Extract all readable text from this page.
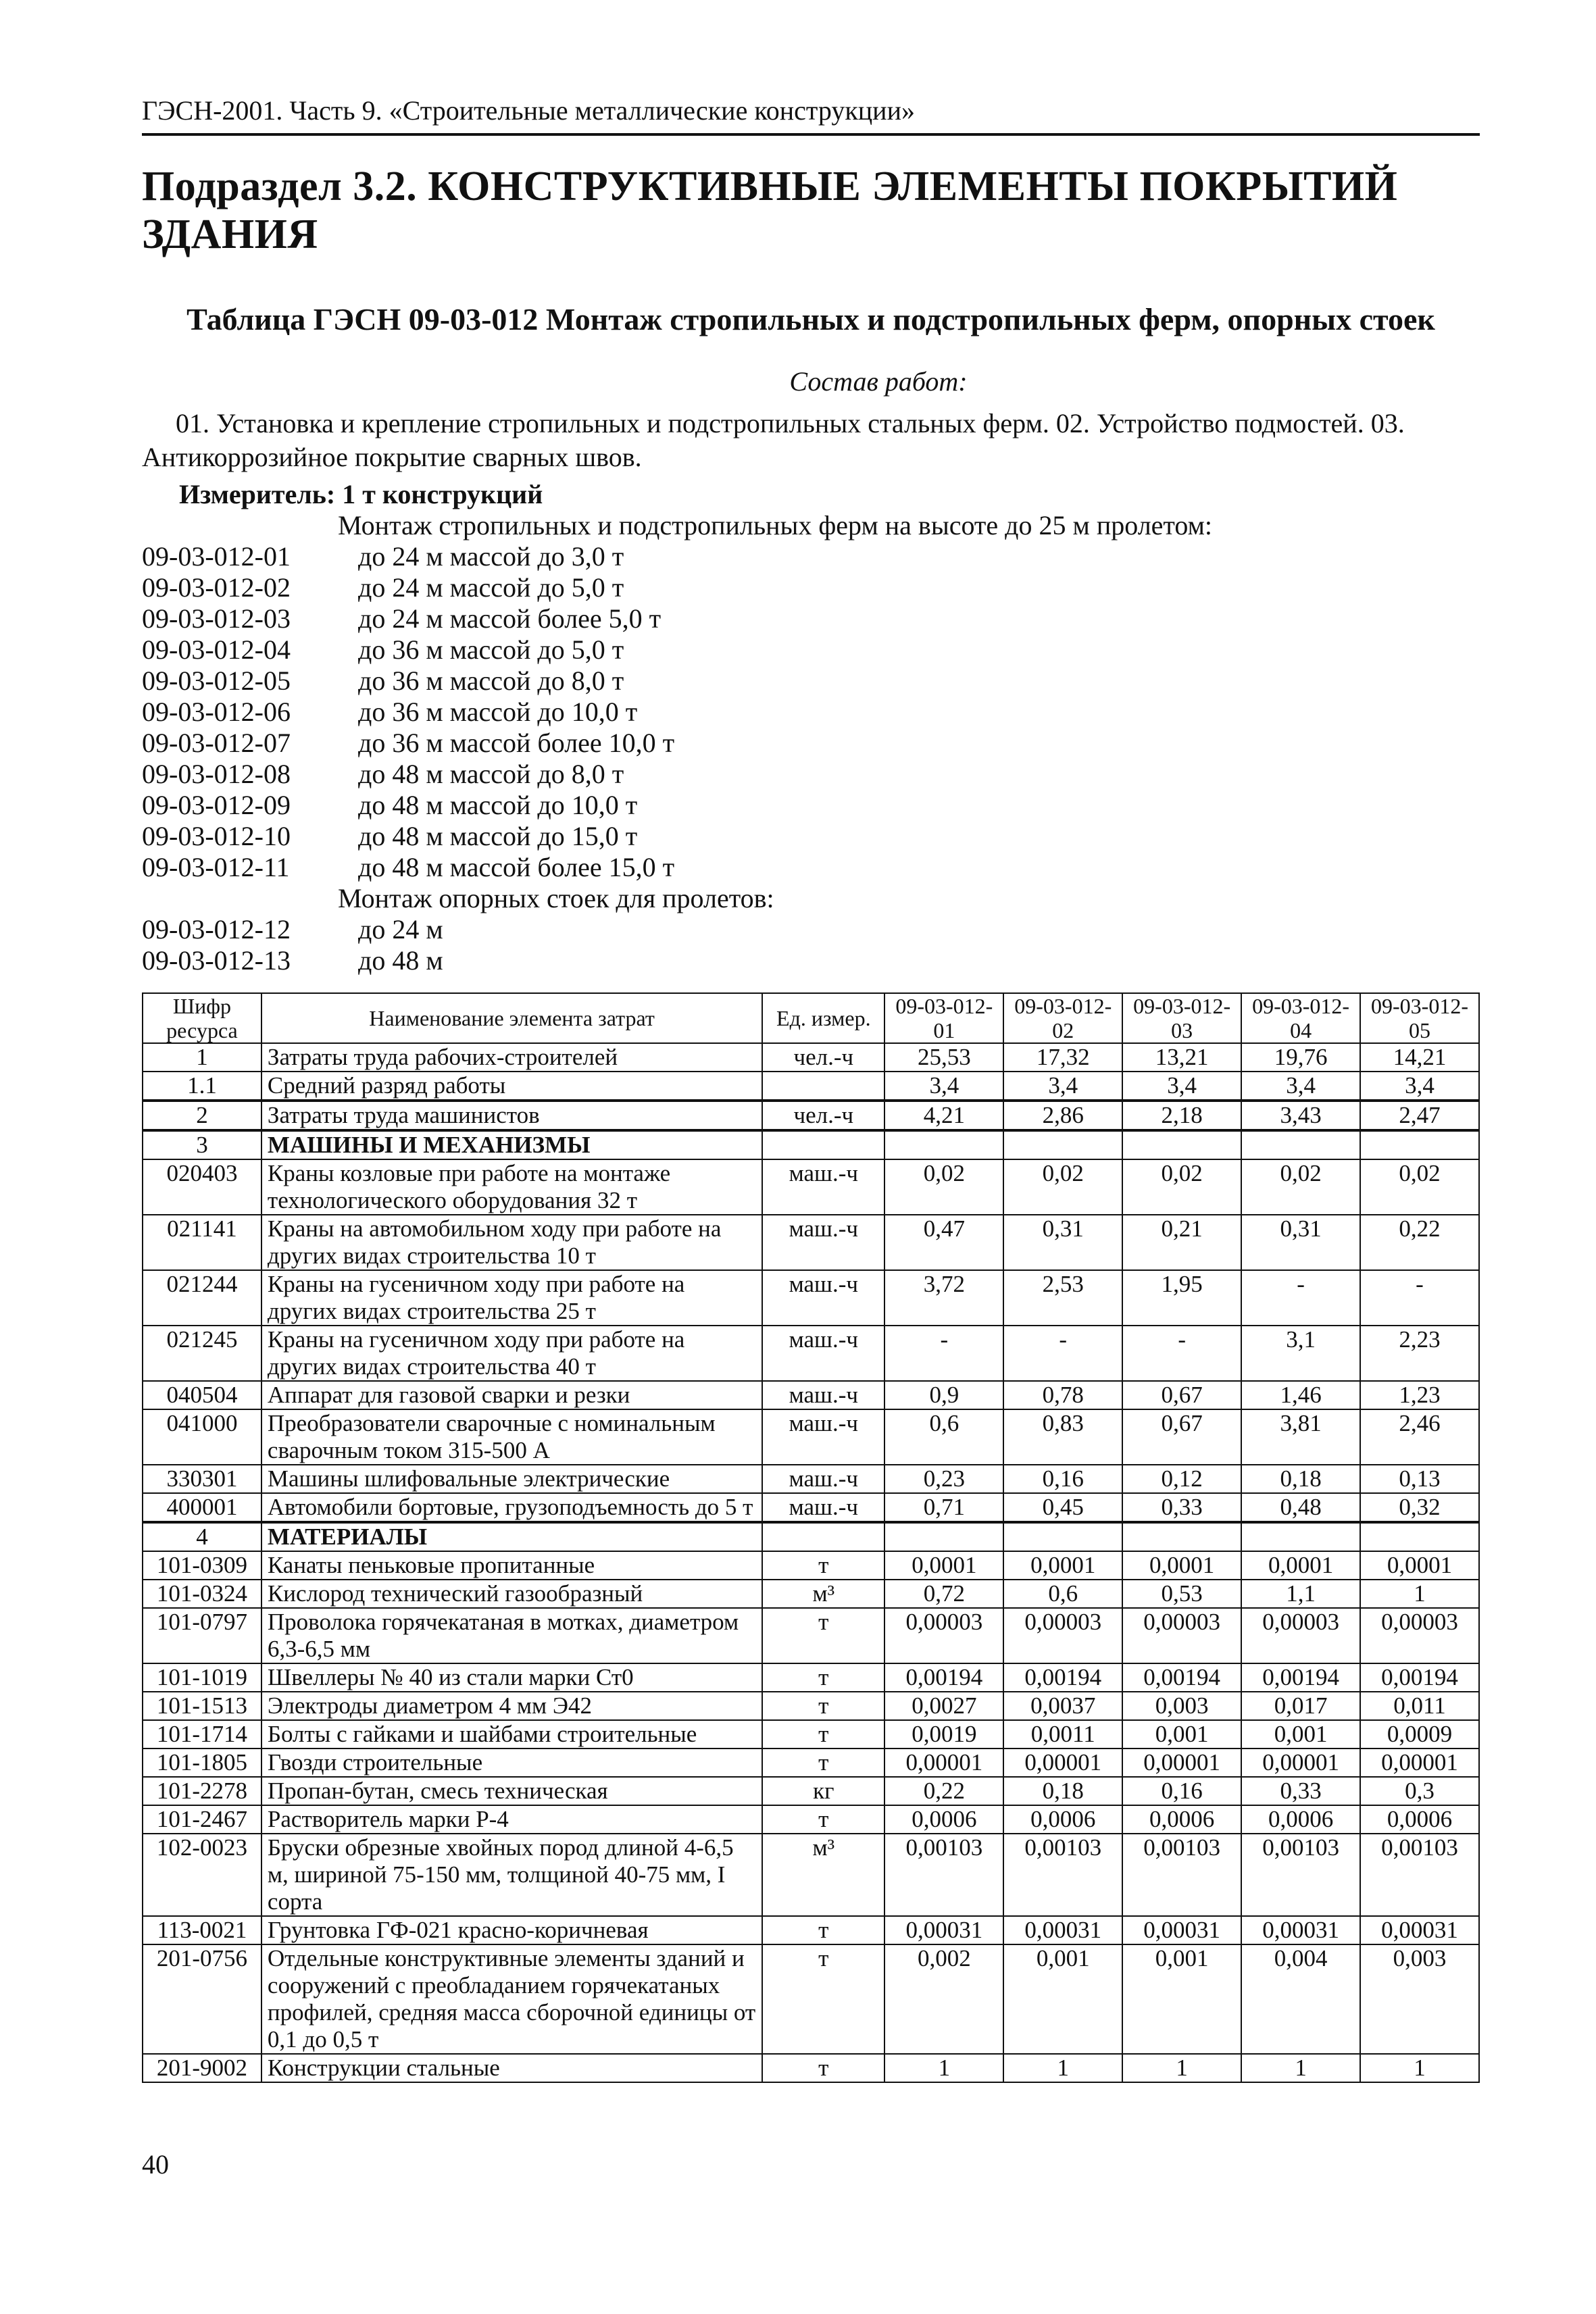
ГЭСН-2001. Часть 9. «Строительные металлические конструкции»
Подраздел 3.2. КОНСТРУКТИВНЫЕ ЭЛЕМЕНТЫ ПОКРЫТИЙ ЗДАНИЯ
Таблица ГЭСН 09-03-012 Монтаж стропильных и подстропильных ферм, опорных стоек
Состав работ:
01. Установка и крепление стропильных и подстропильных стальных ферм. 02. Устройство подмостей. 03. Антикоррозийное покрытие сварных швов.
Измеритель: 1 т конструкций
Монтаж стропильных и подстропильных ферм на высоте до 25 м пролетом:
09-03-012-01	до 24 м массой до 3,0 т
09-03-012-02	до 24 м массой до 5,0 т
09-03-012-03	до 24 м массой более 5,0 т
09-03-012-04	до 36 м массой до 5,0 т
09-03-012-05	до 36 м массой до 8,0 т
09-03-012-06	до 36 м массой до 10,0 т
09-03-012-07	до 36 м массой более 10,0 т
09-03-012-08	до 48 м массой до 8,0 т
09-03-012-09	до 48 м массой до 10,0 т
09-03-012-10	до 48 м массой до 15,0 т
09-03-012-11	до 48 м массой более 15,0 т
Монтаж опорных стоек для пролетов:
09-03-012-12	до 24 м
09-03-012-13	до 48 м
Шифр ресурса	Наименование элемента затрат	Ед. измер.	09-03-012-01	09-03-012-02	09-03-012-03	09-03-012-04	09-03-012-05
1	Затраты труда рабочих-строителей	чел.-ч	25,53	17,32	13,21	19,76	14,21
1.1	Средний разряд работы		3,4	3,4	3,4	3,4	3,4
2	Затраты труда машинистов	чел.-ч	4,21	2,86	2,18	3,43	2,47
3	МАШИНЫ И МЕХАНИЗМЫ						
020403	Краны козловые при работе на монтаже технологического оборудования 32 т	маш.-ч	0,02	0,02	0,02	0,02	0,02
021141	Краны на автомобильном ходу при работе на других видах строительства 10 т	маш.-ч	0,47	0,31	0,21	0,31	0,22
021244	Краны на гусеничном ходу при работе на других видах строительства 25 т	маш.-ч	3,72	2,53	1,95	-	-
021245	Краны на гусеничном ходу при работе на других видах строительства 40 т	маш.-ч	-	-	-	3,1	2,23
040504	Аппарат для газовой сварки и резки	маш.-ч	0,9	0,78	0,67	1,46	1,23
041000	Преобразователи сварочные с номинальным сварочным током 315-500 А	маш.-ч	0,6	0,83	0,67	3,81	2,46
330301	Машины шлифовальные электрические	маш.-ч	0,23	0,16	0,12	0,18	0,13
400001	Автомобили бортовые, грузоподъемность до 5 т	маш.-ч	0,71	0,45	0,33	0,48	0,32
4	МАТЕРИАЛЫ						
101-0309	Канаты пеньковые пропитанные	т	0,0001	0,0001	0,0001	0,0001	0,0001
101-0324	Кислород технический газообразный	м³	0,72	0,6	0,53	1,1	1
101-0797	Проволока горячекатаная в мотках, диаметром 6,3-6,5 мм	т	0,00003	0,00003	0,00003	0,00003	0,00003
101-1019	Швеллеры № 40 из стали марки Ст0	т	0,00194	0,00194	0,00194	0,00194	0,00194
101-1513	Электроды диаметром 4 мм Э42	т	0,0027	0,0037	0,003	0,017	0,011
101-1714	Болты с гайками и шайбами строительные	т	0,0019	0,0011	0,001	0,001	0,0009
101-1805	Гвозди строительные	т	0,00001	0,00001	0,00001	0,00001	0,00001
101-2278	Пропан-бутан, смесь техническая	кг	0,22	0,18	0,16	0,33	0,3
101-2467	Растворитель марки Р-4	т	0,0006	0,0006	0,0006	0,0006	0,0006
102-0023	Бруски обрезные хвойных пород длиной 4-6,5 м, шириной 75-150 мм, толщиной 40-75 мм, I сорта	м³	0,00103	0,00103	0,00103	0,00103	0,00103
113-0021	Грунтовка ГФ-021 красно-коричневая	т	0,00031	0,00031	0,00031	0,00031	0,00031
201-0756	Отдельные конструктивные элементы зданий и сооружений с преобладанием горячекатаных профилей, средняя масса сборочной единицы от 0,1 до 0,5 т	т	0,002	0,001	0,001	0,004	0,003
201-9002	Конструкции стальные	т	1	1	1	1	1
40
